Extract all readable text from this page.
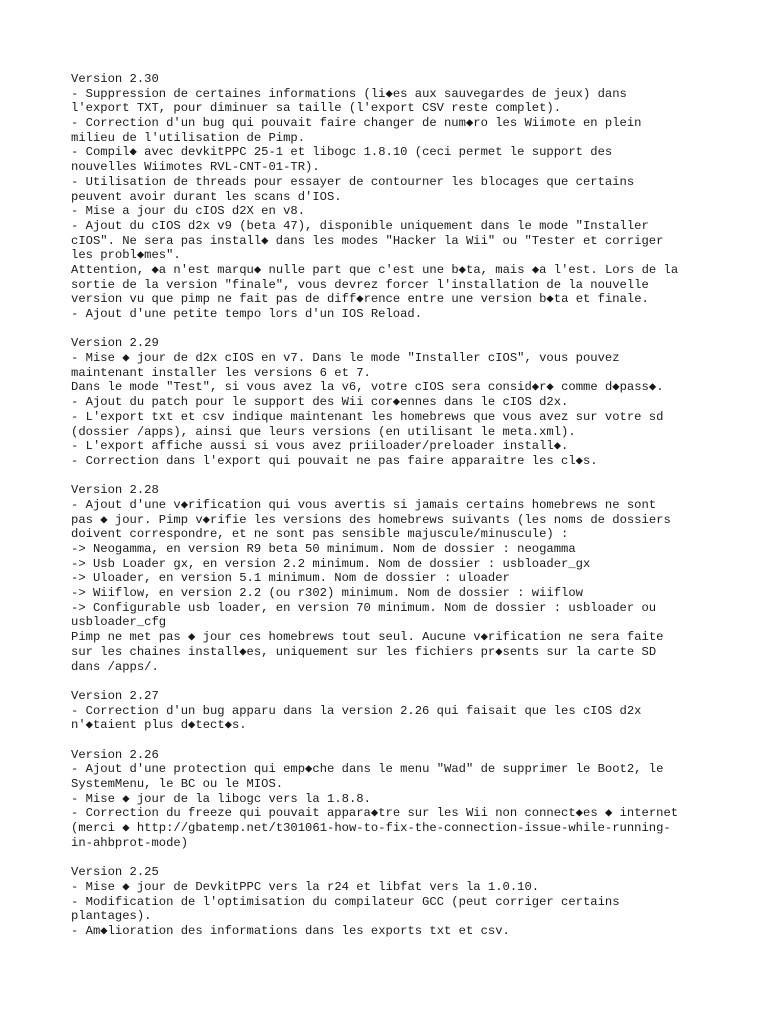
Version 2.30
- Suppression de certaines informations (li◆es aux sauvegardes de jeux) dans
l'export TXT, pour diminuer sa taille (l'export CSV reste complet).
- Correction d'un bug qui pouvait faire changer de num◆ro les Wiimote en plein
milieu de l'utilisation de Pimp.
- Compil◆ avec devkitPPC 25-1 et libogc 1.8.10 (ceci permet le support des
nouvelles Wiimotes RVL-CNT-01-TR).
- Utilisation de threads pour essayer de contourner les blocages que certains
peuvent avoir durant les scans d'IOS.
- Mise a jour du cIOS d2X en v8.
- Ajout du cIOS d2x v9 (beta 47), disponible uniquement dans le mode "Installer
cIOS". Ne sera pas install◆ dans les modes "Hacker la Wii" ou "Tester et corriger
les probl◆mes".
Attention, ◆a n'est marqu◆ nulle part que c'est une b◆ta, mais ◆a l'est. Lors de la
sortie de la version "finale", vous devrez forcer l'installation de la nouvelle
version vu que pimp ne fait pas de diff◆rence entre une version b◆ta et finale.
- Ajout d'une petite tempo lors d'un IOS Reload.
Version 2.29
- Mise ◆ jour de d2x cIOS en v7. Dans le mode "Installer cIOS", vous pouvez
maintenant installer les versions 6 et 7.
Dans le mode "Test", si vous avez la v6, votre cIOS sera consid◆r◆ comme d◆pass◆.
- Ajout du patch pour le support des Wii cor◆ennes dans le cIOS d2x.
- L'export txt et csv indique maintenant les homebrews que vous avez sur votre sd
(dossier /apps), ainsi que leurs versions (en utilisant le meta.xml).
- L'export affiche aussi si vous avez priiloader/preloader install◆.
- Correction dans l'export qui pouvait ne pas faire apparaitre les cl◆s.
Version 2.28
- Ajout d'une v◆rification qui vous avertis si jamais certains homebrews ne sont
pas ◆ jour. Pimp v◆rifie les versions des homebrews suivants (les noms de dossiers
doivent correspondre, et ne sont pas sensible majuscule/minuscule) :
-> Neogamma, en version R9 beta 50 minimum. Nom de dossier : neogamma
-> Usb Loader gx, en version 2.2 minimum. Nom de dossier : usbloader_gx
-> Uloader, en version 5.1 minimum. Nom de dossier : uloader
-> Wiiflow, en version 2.2 (ou r302) minimum. Nom de dossier : wiiflow
-> Configurable usb loader, en version 70 minimum. Nom de dossier : usbloader ou
usbloader_cfg
Pimp ne met pas ◆ jour ces homebrews tout seul. Aucune v◆rification ne sera faite
sur les chaines install◆es, uniquement sur les fichiers pr◆sents sur la carte SD
dans /apps/.
Version 2.27
- Correction d'un bug apparu dans la version 2.26 qui faisait que les cIOS d2x
n'◆taient plus d◆tect◆s.
Version 2.26
- Ajout d'une protection qui emp◆che dans le menu "Wad" de supprimer le Boot2, le
SystemMenu, le BC ou le MIOS.
- Mise ◆ jour de la libogc vers la 1.8.8.
- Correction du freeze qui pouvait appara◆tre sur les Wii non connect◆es ◆ internet
(merci ◆ http://gbatemp.net/t301061-how-to-fix-the-connection-issue-while-running-
in-ahbprot-mode)
Version 2.25
- Mise ◆ jour de DevkitPPC vers la r24 et libfat vers la 1.0.10.
- Modification de l'optimisation du compilateur GCC (peut corriger certains
plantages).
- Am◆lioration des informations dans les exports txt et csv.
